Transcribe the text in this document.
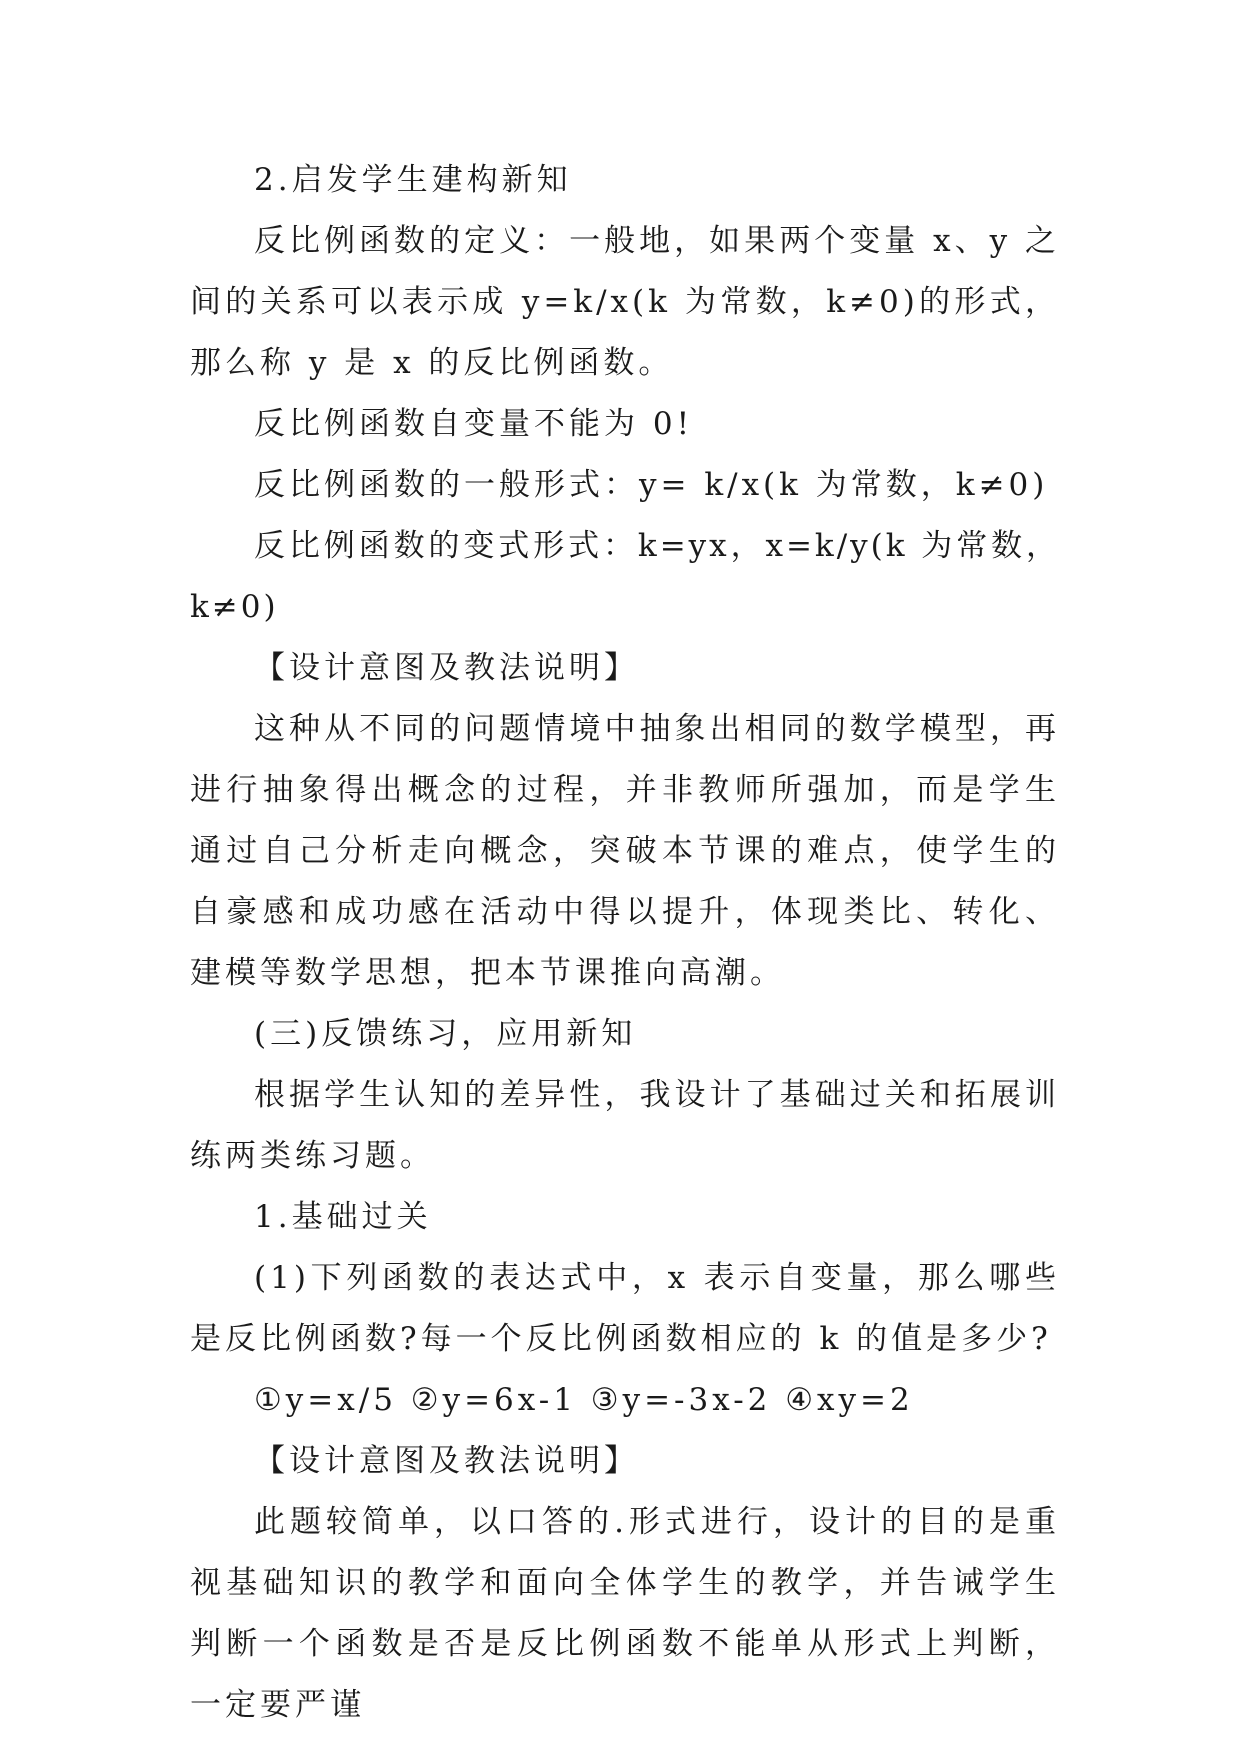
2.启发学生建构新知

反比例函数的定义：一般地，如果两个变量 x、y 之间的关系可以表示成 y=k/x(k 为常数，k≠0)的形式，那么称 y 是 x 的反比例函数。

反比例函数自变量不能为 0!

反比例函数的一般形式：y= k/x(k 为常数，k≠0)

反比例函数的变式形式：k=yx，x=k/y(k 为常数，k≠0)

【设计意图及教法说明】

这种从不同的问题情境中抽象出相同的数学模型，再进行抽象得出概念的过程，并非教师所强加，而是学生通过自己分析走向概念，突破本节课的难点，使学生的自豪感和成功感在活动中得以提升，体现类比、转化、建模等数学思想，把本节课推向高潮。

(三)反馈练习，应用新知

根据学生认知的差异性，我设计了基础过关和拓展训练两类练习题。

1.基础过关

(1)下列函数的表达式中，x 表示自变量，那么哪些是反比例函数?每一个反比例函数相应的 k 的值是多少?

①y=x/5 ②y=6x-1 ③y=-3x-2 ④xy=2

【设计意图及教法说明】

此题较简单，以口答的.形式进行，设计的目的是重视基础知识的教学和面向全体学生的教学，并告诫学生判断一个函数是否是反比例函数不能单从形式上判断，一定要严谨
